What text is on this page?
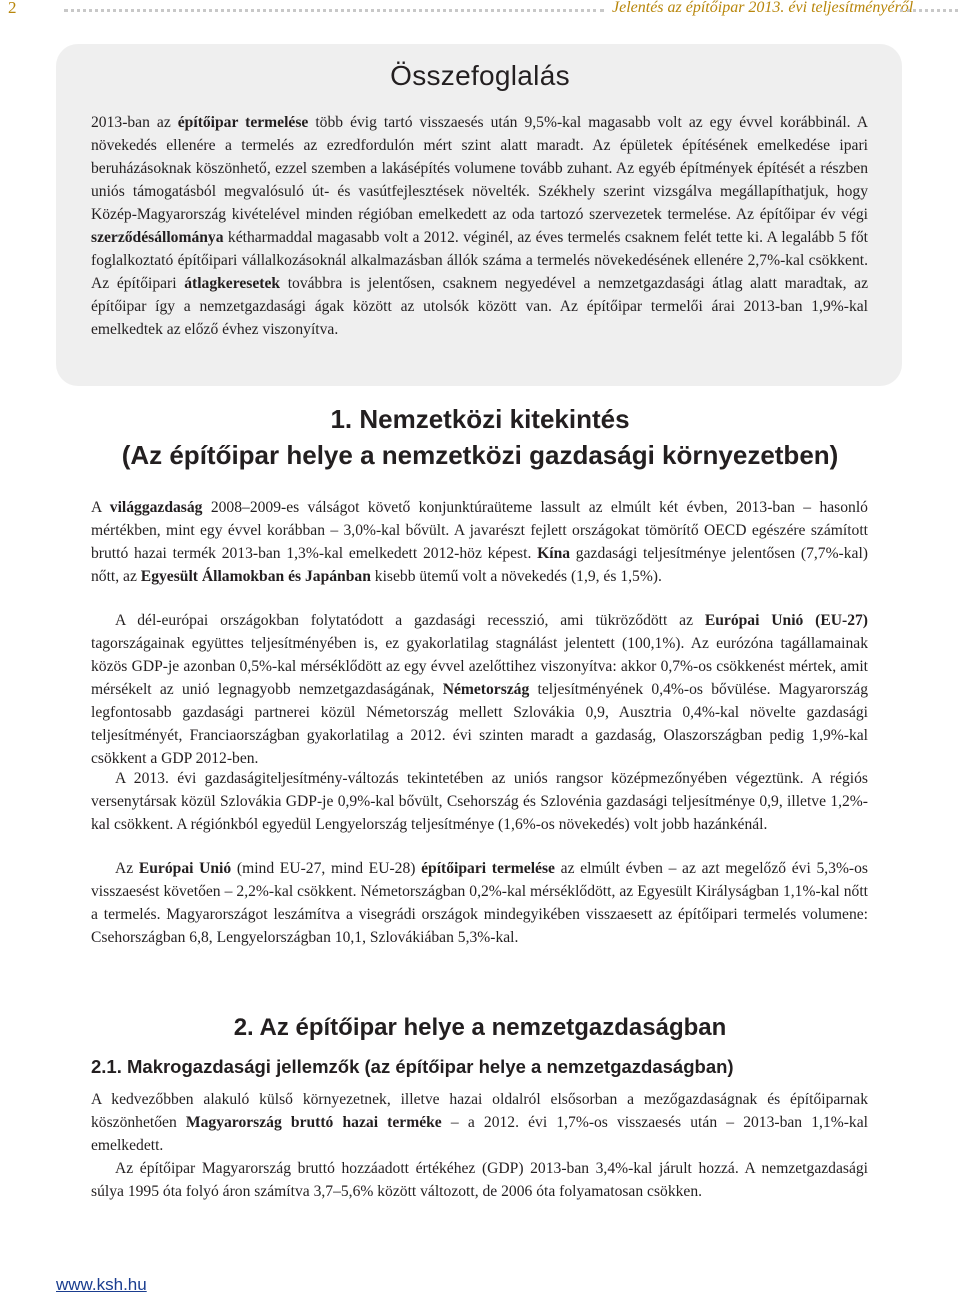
2	Jelentés az építőipar 2013. évi teljesítményéről
Összefoglalás

2013-ban az építőipar termelése több évig tartó visszaesés után 9,5%-kal magasabb volt az egy évvel korábbinál. A növekedés ellenére a termelés az ezredfordulón mért szint alatt maradt. Az épületek építésének emelkedése ipari beruházásoknak köszönhető, ezzel szemben a lakásépítés volumene tovább zuhant. Az egyéb építmények építését a részben uniós támogatásból megvalósuló út- és vasútfejlesztések növelték. Székhely szerint vizsgálva megállapíthatjuk, hogy Közép-Magyarország kivételével minden régióban emelkedett az oda tartozó szervezetek termelése. Az építőipar év végi szerződésállománya kétharmaddal magasabb volt a 2012. véginél, az éves termelés csaknem felét tette ki. A legalább 5 főt foglalkoztató építőipari vállalkozásoknál alkalmazásban állók száma a termelés növekedésének ellenére 2,7%-kal csökkent. Az építőipari átlagkeresetek továbbra is jelentősen, csaknem negyedével a nemzetgazdasági átlag alatt maradtak, az építőipar így a nemzetgazdasági ágak között az utolsók között van. Az építőipar termelői árai 2013-ban 1,9%-kal emelkedtek az előző évhez viszonyítva.

1. Nemzetközi kitekintés
(Az építőipar helye a nemzetközi gazdasági környezetben)

A világgazdaság 2008–2009-es válságot követő konjunktúraüteme lassult az elmúlt két évben, 2013-ban – hasonló mértékben, mint egy évvel korábban – 3,0%-kal bővült. A javarészt fejlett országokat tömörítő OECD egészére számított bruttó hazai termék 2013-ban 1,3%-kal emelkedett 2012-höz képest. Kína gazdasági teljesítménye jelentősen (7,7%-kal) nőtt, az Egyesült Államokban és Japánban kisebb ütemű volt a növekedés (1,9, és 1,5%).

A dél-európai országokban folytatódott a gazdasági recesszió, ami tükröződött az Európai Unió (EU-27) tagországainak együttes teljesítményében is, ez gyakorlatilag stagnálást jelentett (100,1%). Az eurózóna tagállamainak közös GDP-je azonban 0,5%-kal mérséklődött az egy évvel azelőttihez viszonyítva: akkor 0,7%-os csökkenést mértek, amit mérsékelt az unió legnagyobb nemzetgazdaságának, Németország teljesítményének 0,4%-os bővülése. Magyarország legfontosabb gazdasági partnerei közül Németország mellett Szlovákia 0,9, Ausztria 0,4%-kal növelte gazdasági teljesítményét, Franciaországban gyakorlatilag a 2012. évi szinten maradt a gazdaság, Olaszországban pedig 1,9%-kal csökkent a GDP 2012-ben.

A 2013. évi gazdaságiteljesítmény-változás tekintetében az uniós rangsor középmezőnyében végeztünk. A régiós versenytársak közül Szlovákia GDP-je 0,9%-kal bővült, Csehország és Szlovénia gazdasági teljesítménye 0,9, illetve 1,2%-kal csökkent. A régiónkból egyedül Lengyelország teljesítménye (1,6%-os növekedés) volt jobb hazánkénál.

Az Európai Unió (mind EU-27, mind EU-28) építőipari termelése az elmúlt évben – az azt megelőző évi 5,3%-os visszaesést követően – 2,2%-kal csökkent. Németországban 0,2%-kal mérséklődött, az Egyesült Királyságban 1,1%-kal nőtt a termelés. Magyarországot leszámítva a visegrádi országok mindegyikében visszaesett az építőipari termelés volumene: Csehországban 6,8, Lengyelországban 10,1, Szlovákiában 5,3%-kal.

2. Az építőipar helye a nemzetgazdaságban
2.1. Makrogazdasági jellemzők (az építőipar helye a nemzetgazdaságban)

A kedvezőbben alakuló külső környezetnek, illetve hazai oldalról elsősorban a mezőgazdaságnak és építőiparnak köszönhetően Magyarország bruttó hazai terméke – a 2012. évi 1,7%-os visszaesés után – 2013-ban 1,1%-kal emelkedett.

Az építőipar Magyarország bruttó hozzáadott értékéhez (GDP) 2013-ban 3,4%-kal járult hozzá. A nemzetgazdasági súlya 1995 óta folyó áron számítva 3,7–5,6% között változott, de 2006 óta folyamatosan csökken.

www.ksh.hu
